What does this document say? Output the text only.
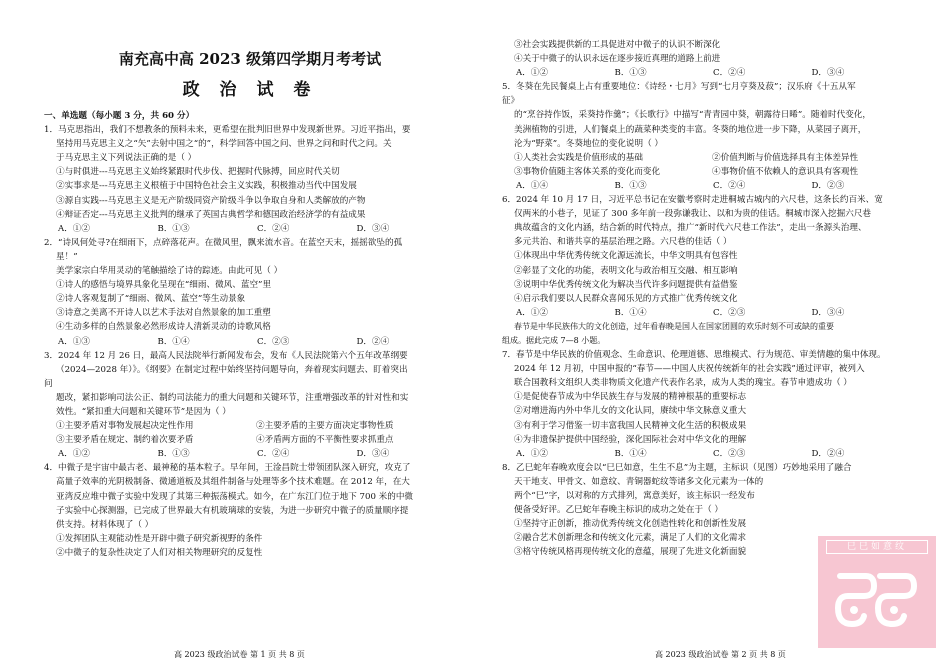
南充高中高 2023 级第四学期月考考试
政 治 试 卷
一、单选题（每小题 3 分，共 60 分）

1．马克思指出，我们不想教条的预料未来，更希望在批判旧世界中发现新世界。习近平指出，要

坚持用马克思主义之“矢”去射中国之“的”，科学回答中国之问、世界之问和时代之问。关

于马克思主义下列说法正确的是（ ）

①与时俱进---马克思主义始终紧跟时代步伐、把握时代脉搏，回应时代关切

②实事求是---马克思主义根植于中国特色社会主义实践，积极推动当代中国发展

③源自实践---马克思主义是无产阶级同资产阶级斗争以争取自身和人类解放的产物

④辩证否定---马克思主义批判的继承了英国古典哲学和德国政治经济学的有益成果

A．①②	B．①③	C．②④	D．③④

2．“诗风何处寻?在细雨下，点碎落花声。在微风里，飘来流水音。在蓝空天末，摇摇欲坠的孤

星！”

美学家宗白华用灵动的笔触描绘了诗的踪迹。由此可见（ ）

①诗人的感悟与境界具象化呈现在“细雨、微风、蓝空”里

②诗人客观复制了“细雨、微风、蓝空”等生动景象

③诗意之美离不开诗人以艺术手法对自然景象的加工重塑

④生动多样的自然景象必然形成诗人清新灵动的诗歌风格

A．①③	B．①④	C．②③	D．②④

3．2024 年 12 月 26 日，最高人民法院举行新闻发布会，发布《人民法院第六个五年改革纲要

（2024—2028 年）》。《纲要》在制定过程中始终坚持问题导向，奔着现实问题去、盯着突出

问

题改，紧扣影响司法公正、制约司法能力的重大问题和关键环节，注重增强改革的针对性和实

效性。“紧扣重大问题和关键环节”是因为（ ）

①主要矛盾对事物发展起决定性作用	②主要矛盾的主要方面决定事物性质
③主要矛盾在规定、制约着次要矛盾	④矛盾两方面的不平衡性要求抓重点
A．①②	B．①③	C．②④	D．③④

4．中微子是宇宙中最古老、最神秘的基本粒子。早年间，王淦昌院士带领团队深入研究，攻克了

高量子效率的光阴极制备、微通道板及其组件制备与处理等多个技术难题。在 2012 年，在大

亚湾反应堆中微子实验中发现了其第三种振荡模式。如今，在广东江门位于地下 700 米的中微

子实验中心探测器，已完成了世界最大有机玻璃球的安装，为进一步研究中微子的质量顺序提

供支持。材料体现了（ ）

①发挥团队主观能动性是开辟中微子研究新视野的条件

②中微子的复杂性决定了人们对相关物理研究的反复性

③社会实践提供新的工具促进对中微子的认识不断深化

④关于中微子的认识永远在逐步接近真理的道路上前进

A．①②	B．①③	C．②④	D．③④

5．冬葵在先民餐桌上占有重要地位：《诗经・七月》写到“七月亨葵及菽”；汉乐府《十五从军

征》

的“烹谷持作饭，采葵持作羹”；《长歌行》中描写“青青园中葵，朝露待日晞”。随着时代变化，

美洲植物的引进，人们餐桌上的蔬菜种类变的丰富。冬葵的地位进一步下降，从菜园子离开，

沦为“野菜”。冬葵地位的变化说明（ ）

①人类社会实践是价值形成的基础	②价值判断与价值选择具有主体差异性
③事物价值随主客体关系的变化而变化	④事物价值不依赖人的意识具有客观性
A．①④	B．①③	C．②④	D．②③

6．2024 年 10 月 17 日，习近平总书记在安徽考察时走进桐城古城内的六尺巷，这条长约百米、宽

仅两米的小巷子，见证了 300 多年前一段弥谦我让、以和为贵的佳话。桐城市深入挖掘六尺巷

典故蕴含的文化内涵，结合新的时代特点，推广“新时代六尺巷工作法”，走出一条源头治理、

多元共治、和谐共享的基层治理之路。六尺巷的佳话（ ）

①体现出中华优秀传统文化源远流长，中华文明具有包容性

②彰显了文化的功能，表明文化与政治相互交融、相互影响

③说明中华优秀传统文化为解决当代许多问题提供有益借鉴

④启示我们要以人民群众喜闻乐见的方式推广优秀传统文化

A．①②	B．①④	C．②③	D．③④

春节是中华民族伟大的文化创造，过年看春晚是国人在国家团圆的欢乐时刻不可或缺的重要

组成。据此完成 7—8 小题。

7．春节是中华民族的价值观念、生命意识、伦理道德、思维模式、行为规范、审美情趣的集中体现。

2024 年 12 月初，中国申报的“春节——中国人庆祝传统新年的社会实践”通过评审，被列入

联合国教科文组织人类非物质文化遗产代表作名录，成为人类的瑰宝。春节申遗成功（ ）

①是促使春节成为中华民族生存与发展的精神根基的重要标志

②对增进海内外中华儿女的文化认同，赓续中华文脉意义重大

③有利于学习借鉴一切丰富我国人民精神文化生活的积极成果

④为非遗保护提供中国经验，深化国际社会对中华文化的理解

A．①②	B．①④	C．②③	D．②④

8．乙巳蛇年春晚欢度会以“巳巳如意，生生不息”为主题，主标识（见图）巧妙地采用了融合

天干地支、甲骨文、如意纹、青铜器蛇纹等诸多文化元素为一体的

两个“巳”字，以对称的方式排列，寓意美好，该主标识一经发布

便备受好评。乙巳蛇年春晚主标识的成功之处在于（ ）

①坚持守正创新，推动优秀传统文化创造性转化和创新性发展

②融合艺术创新理念和传统文化元素，满足了人们的文化需求

③格守传统风格再现传统文化的意蕴，展现了先进文化新面貌

巳巳如意纹
高 2023 级政治试卷 第 1 页 共 8 页	高 2023 级政治试卷 第 2 页 共 8 页
